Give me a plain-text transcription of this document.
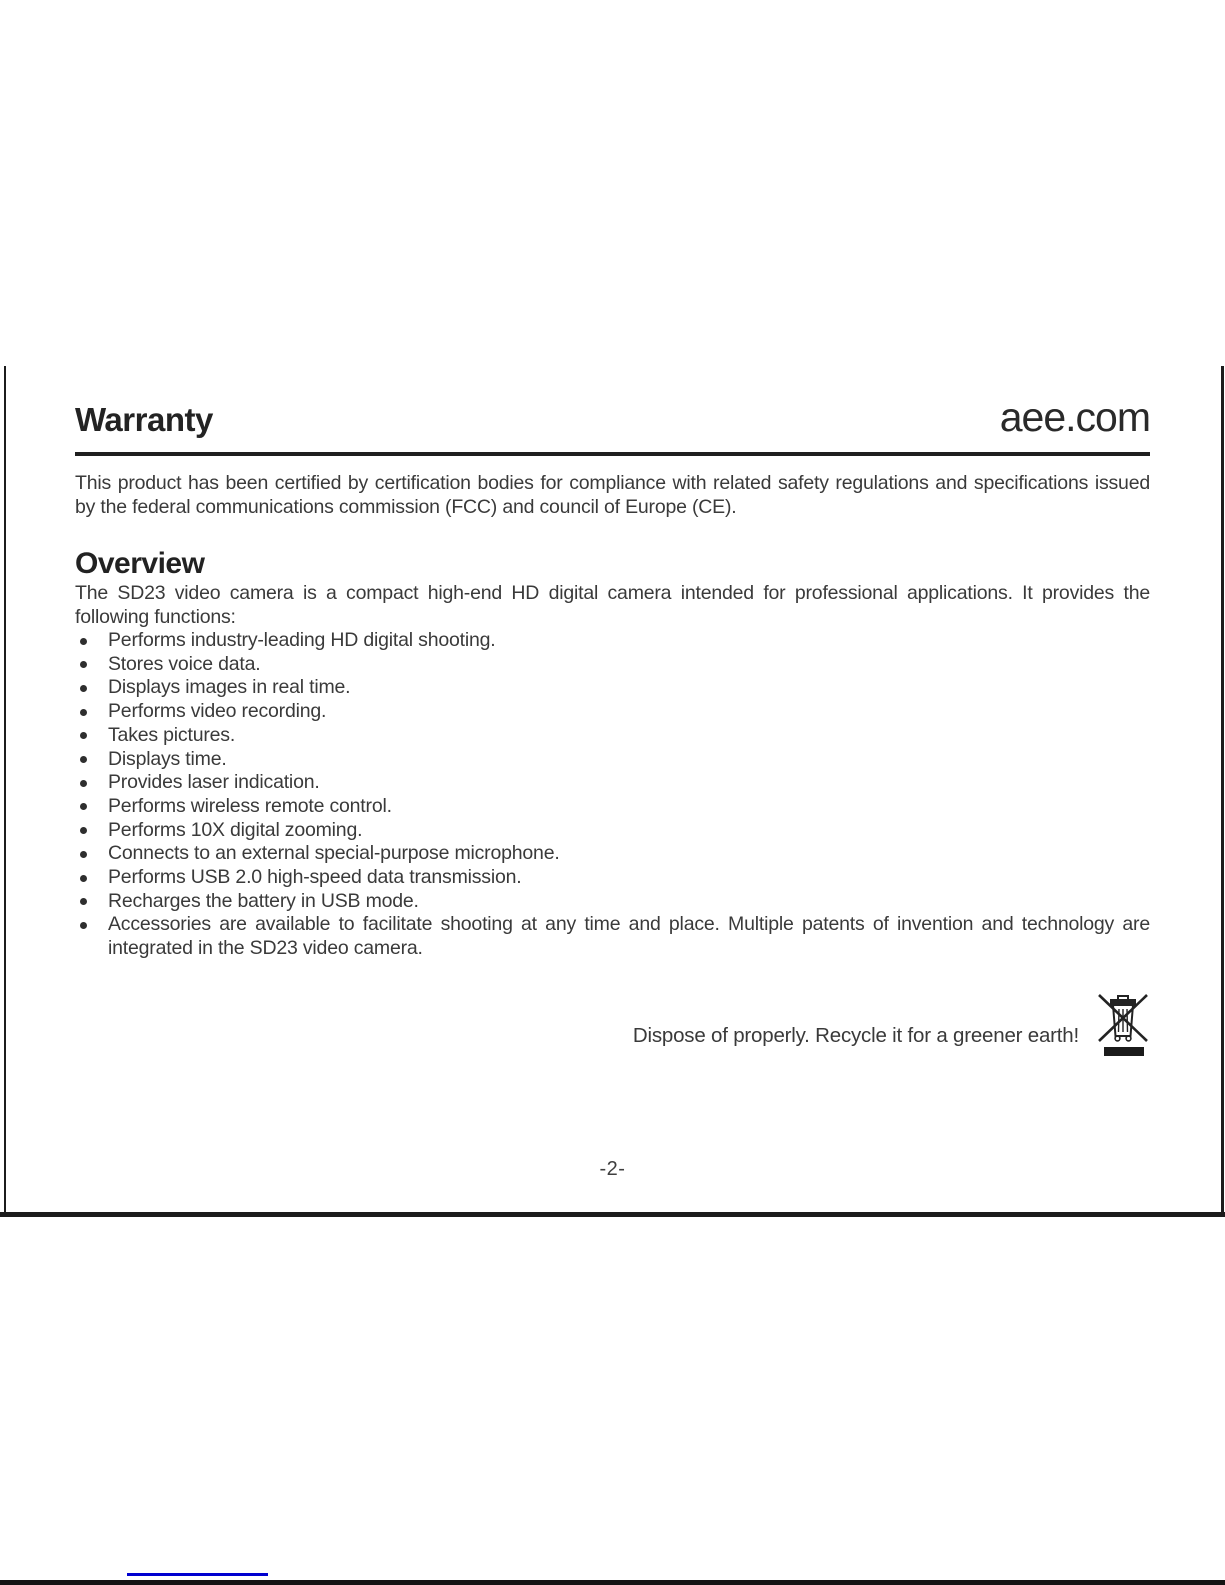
Warranty	aee.com

This product has been certified by certification bodies for compliance with related safety regulations and specifications issued by the federal communications commission (FCC) and council of Europe (CE).

Overview

The SD23 video camera is a compact high-end HD digital camera intended for professional applications. It provides the following functions:

Performs industry-leading HD digital shooting.
Stores voice data.
Displays images in real time.
Performs video recording.
Takes pictures.
Displays time.
Provides laser indication.
Performs wireless remote control.
Performs 10X digital zooming.
Connects to an external special-purpose microphone.
Performs USB 2.0 high-speed data transmission.
Recharges the battery in USB mode.
Accessories are available to facilitate shooting at any time and place. Multiple patents of invention and technology are integrated in the SD23 video camera.
Dispose of properly. Recycle it for a greener earth!
-2-
